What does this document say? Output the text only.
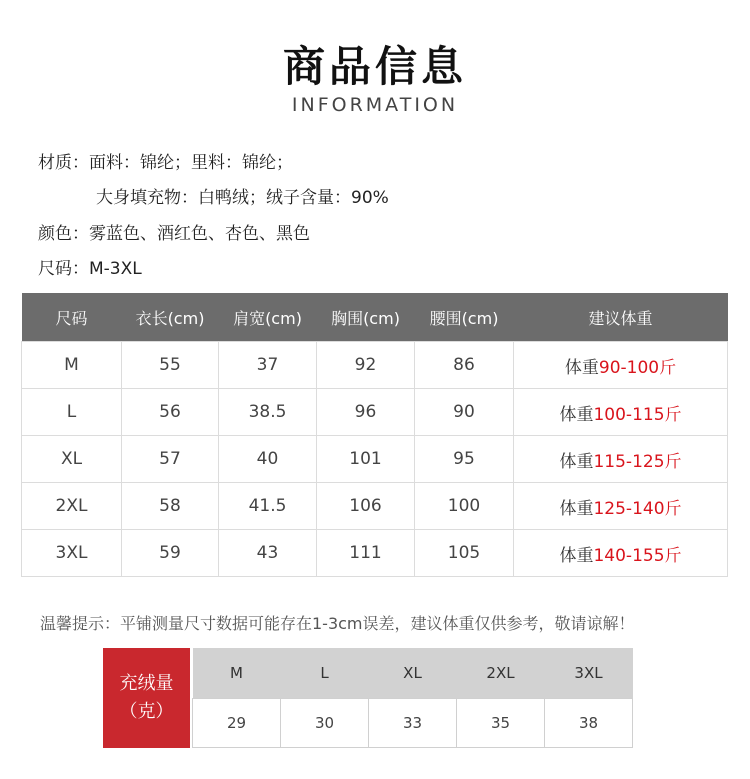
商品信息
INFORMATION
材质：面料：锦纶；里料：锦纶；
大身填充物：白鸭绒；绒子含量：90%
颜色：雾蓝色、酒红色、杏色、黑色
尺码：M-3XL
尺码	衣长(cm)	肩宽(cm)	胸围(cm)	腰围(cm)	建议体重
M	55	37	92	86	体重90-100斤
L	56	38.5	96	90	体重100-115斤
XL	57	40	101	95	体重115-125斤
2XL	58	41.5	106	100	体重125-140斤
3XL	59	43	111	105	体重140-155斤
温馨提示：平铺测量尺寸数据可能存在1-3cm误差，建议体重仅供参考，敬请谅解！
充绒量
（克）
M	L	XL	2XL	3XL
29	30	33	35	38
